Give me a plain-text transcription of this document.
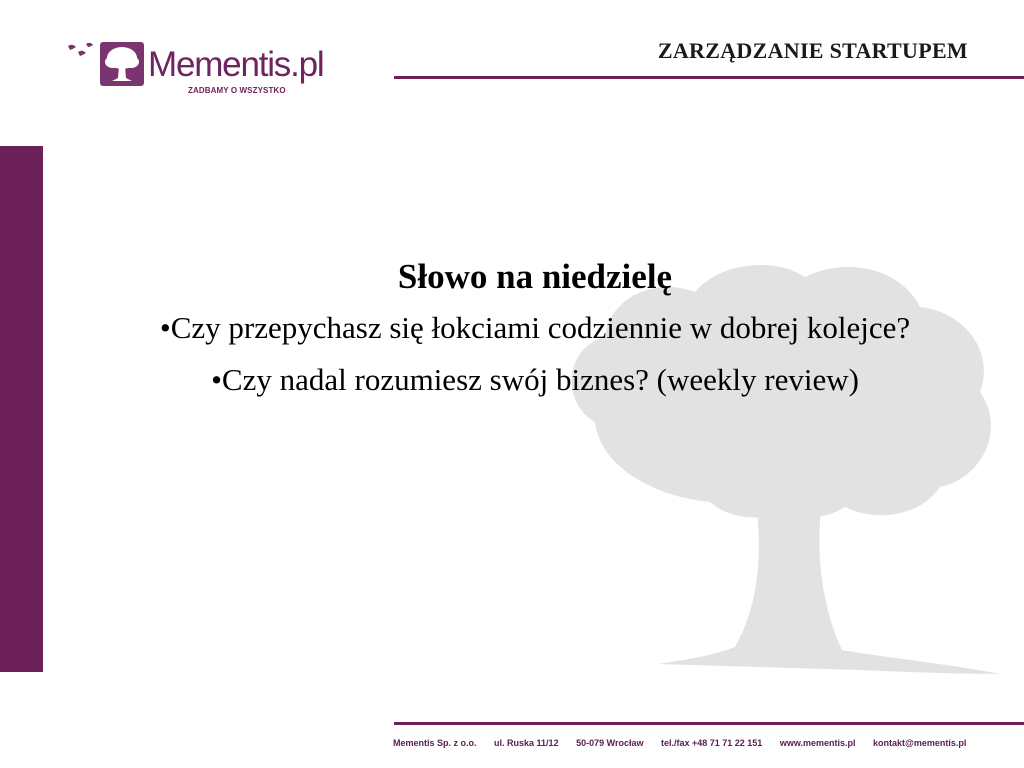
Mementis.pl
ZADBAMY O WSZYSTKO
ZARZĄDZANIE STARTUPEM
Słowo na niedzielę
•Czy przepychasz się łokciami codziennie w dobrej kolejce?
•Czy nadal rozumiesz swój biznes? (weekly review)
Mementis Sp. z o.o. ul. Ruska 11/12 50-079 Wrocław tel./fax +48 71 71 22 151 www.mementis.pl kontakt@mementis.pl
